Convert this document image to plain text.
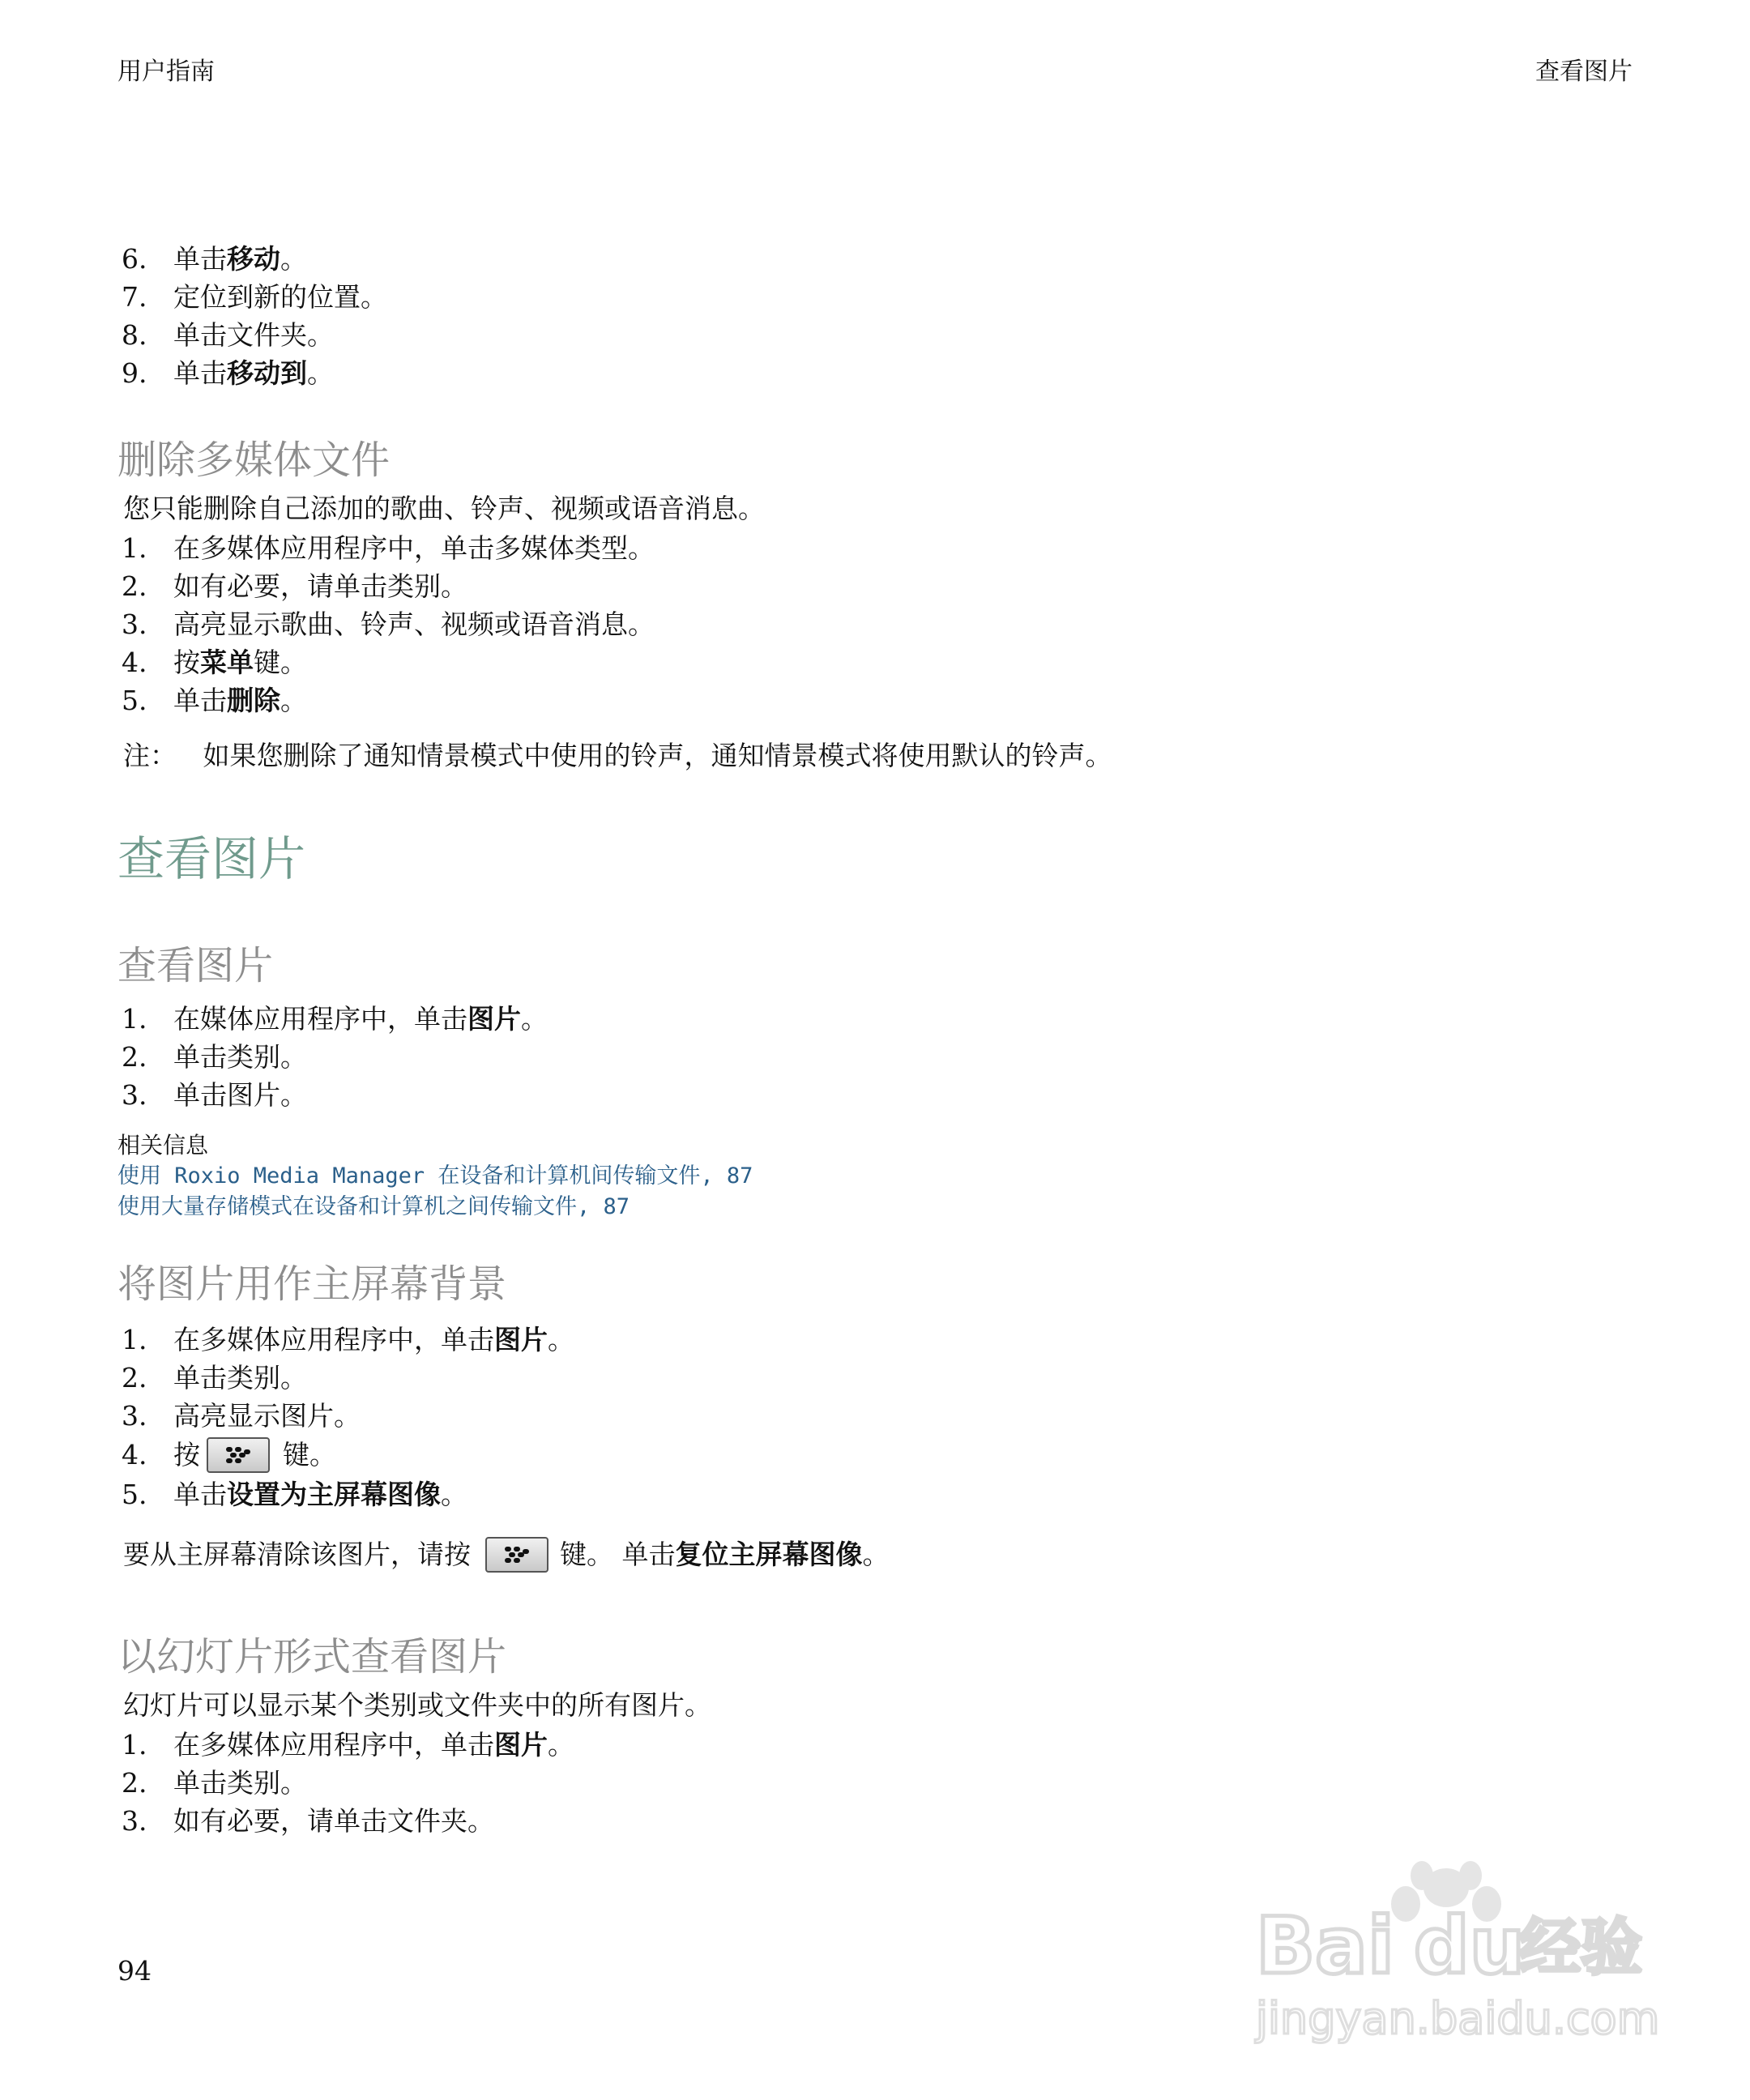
用户指南	查看图片
6. 单击 移动 。
7. 定位到新的位置。
8. 单击文件夹。
9. 单击 移动到 。
删除多媒体文件
您只能删除自己添加的歌曲、铃声、视频或语音消息。
1. 在多媒体应用程序中，单击多媒体类型。
2. 如有必要，请单击类别。
3. 高亮显示歌曲、铃声、视频或语音消息。
4. 按 菜单 键。
5. 单击 删除 。
注： 如果您删除了通知情景模式中使用的铃声，通知情景模式将使用默认的铃声。
查看图片
查看图片
1. 在媒体应用程序中，单击 图片 。
2. 单击类别。
3. 单击图片。
相关信息
使用 Roxio Media Manager 在设备和计算机间传输文件, 87
使用大量存储模式在设备和计算机之间传输文件, 87
将图片用作主屏幕背景
1. 在多媒体应用程序中，单击 图片 。
2. 单击类别。
3. 高亮显示图片。
4. 按	键。
5. 单击 设置为主屏幕图像 。
要从主屏幕清除该图片，请按	键。 单击 复位主屏幕图像 。
以幻灯片形式查看图片
幻灯片可以显示某个类别或文件夹中的所有图片。
1. 在多媒体应用程序中，单击 图片 。
2. 单击类别。
3. 如有必要，请单击文件夹。
94	Bai du
经验
jingyan.baidu.com
